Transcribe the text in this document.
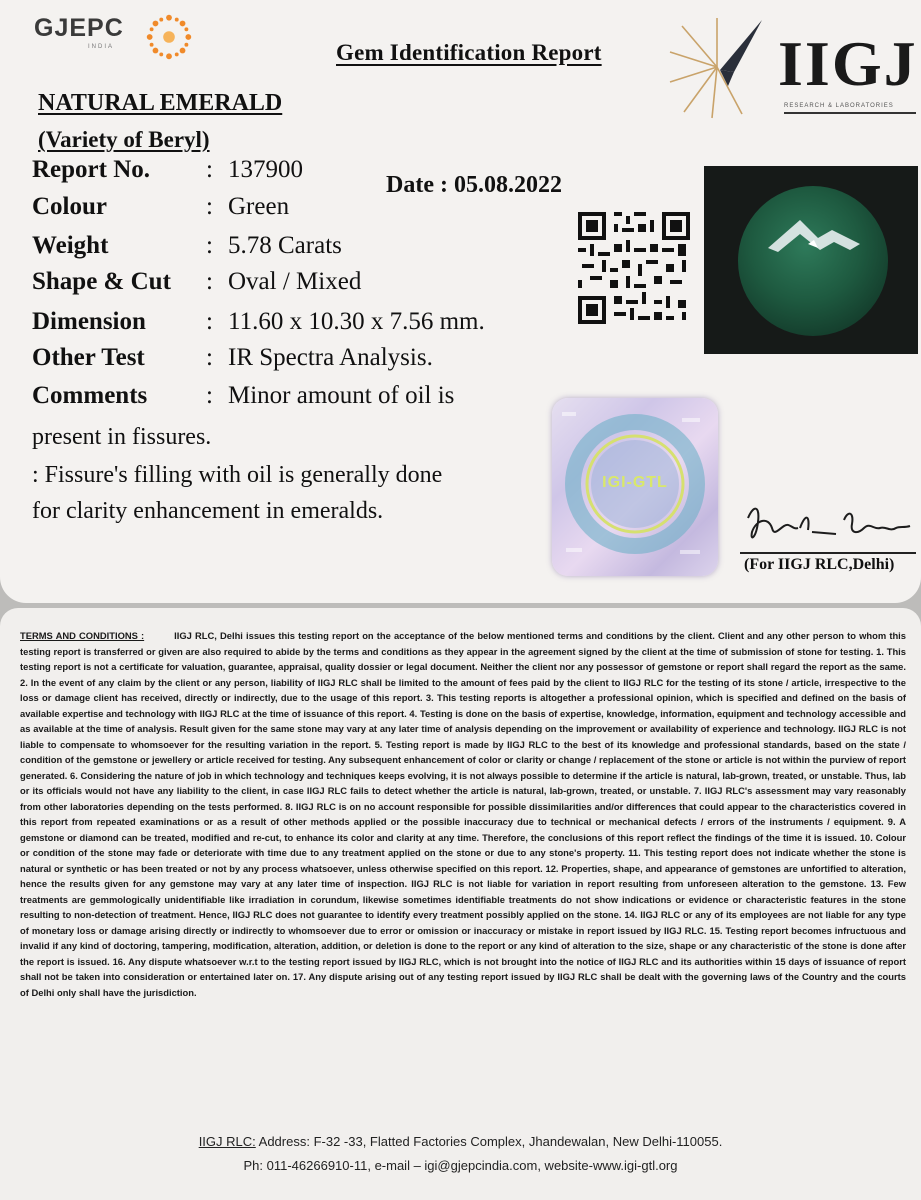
GJEPC
INDIA	Gem Identification Report	IIGJ
RESEARCH & LABORATORIES
NATURAL EMERALD
(Variety of Beryl)
Report No. : 137900
Date : 05.08.2022
Colour	: Green
Weight	: 5.78 Carats
Shape & Cut : Oval / Mixed
Dimension : 11.60 x 10.30 x 7.56 mm.
Other Test : IR Spectra Analysis.
Comments : Minor amount of oil is
present in fissures.
: Fissure's filling with oil is generally done
for clarity enhancement in emeralds.
IGI-GTL
(For IIGJ RLC,Delhi)
TERMS AND CONDITIONS :	IIGJ RLC, Delhi issues this testing report on the acceptance of the below mentioned terms and conditions by the client. Client and any other person to whom this testing report is transferred or given are also required to abide by the terms and conditions as they appear in the agreement signed by the client at the time of submission of stone for testing. 1. This testing report is not a certificate for valuation, guarantee, appraisal, quality dossier or legal document. Neither the client nor any possessor of gemstone or report shall regard the report as the same. 2. In the event of any claim by the client or any person, liability of IIGJ RLC shall be limited to the amount of fees paid by the client to IIGJ RLC for the testing of its stone / article, irrespective to the loss or damage client has received, directly or indirectly, due to the usage of this report. 3. This testing reports is altogether a professional opinion, which is specified and defined on the basis of available expertise and technology with IIGJ RLC at the time of issuance of this report. 4. Testing is done on the basis of expertise, knowledge, information, equipment and technology accessible and as available at the time of analysis. Result given for the same stone may vary at any later time of analysis depending on the improvement or availability of experience and technology. IIGJ RLC is not liable to compensate to whomsoever for the resulting variation in the report. 5. Testing report is made by IIGJ RLC to the best of its knowledge and professional standards, based on the state / condition of the gemstone or jewellery or article received for testing. Any subsequent enhancement of color or clarity or change / replacement of the stone or article is not within the purview of report generated. 6. Considering the nature of job in which technology and techniques keeps evolving, it is not always possible to determine if the article is natural, lab-grown, treated, or unstable. Thus, lab or its officials would not have any liability to the client, in case IIGJ RLC fails to detect whether the article is natural, lab-grown, treated, or unstable. 7. IIGJ RLC's assessment may vary reasonably from other laboratories depending on the tests performed. 8. IIGJ RLC is on no account responsible for possible dissimilarities and/or differences that could appear to the characteristics covered in this report from repeated examinations or as a result of other methods applied or the possible inaccuracy due to technical or mechanical defects / errors of the instruments / equipment. 9. A gemstone or diamond can be treated, modified and re-cut, to enhance its color and clarity at any time. Therefore, the conclusions of this report reflect the findings of the time it is issued. 10. Colour or condition of the stone may fade or deteriorate with time due to any treatment applied on the stone or due to any stone's property. 11. This testing report does not indicate whether the stone is natural or synthetic or has been treated or not by any process whatsoever, unless otherwise specified on this report. 12. Properties, shape, and appearance of gemstones are unfortified to alteration, hence the results given for any gemstone may vary at any later time of inspection. IIGJ RLC is not liable for variation in report resulting from unforeseen alteration to the gemstone. 13. Few treatments are gemmologically unidentifiable like irradiation in corundum, likewise sometimes identifiable treatments do not show indications or evidence or characteristic features in the stone resulting to non-detection of treatment. Hence, IIGJ RLC does not guarantee to identify every treatment possibly applied on the stone. 14. IIGJ RLC or any of its employees are not liable for any type of monetary loss or damage arising directly or indirectly to whomsoever due to error or omission or inaccuracy or mistake in report issued by IIGJ RLC. 15. Testing report becomes infructuous and invalid if any kind of doctoring, tampering, modification, alteration, addition, or deletion is done to the report or any kind of alteration to the size, shape or any characteristic of the stone is done after the report is issued. 16. Any dispute whatsoever w.r.t to the testing report issued by IIGJ RLC, which is not brought into the notice of IIGJ RLC and its authorities within 15 days of issuance of report shall not be taken into consideration or entertained later on. 17. Any dispute arising out of any testing report issued by IIGJ RLC shall be dealt with the governing laws of the Country and the courts of Delhi only shall have the jurisdiction.
IIGJ RLC: Address: F-32 -33, Flatted Factories Complex, Jhandewalan, New Delhi-110055.
Ph: 011-46266910-11, e-mail – igi@gjepcindia.com, website-www.igi-gtl.org
